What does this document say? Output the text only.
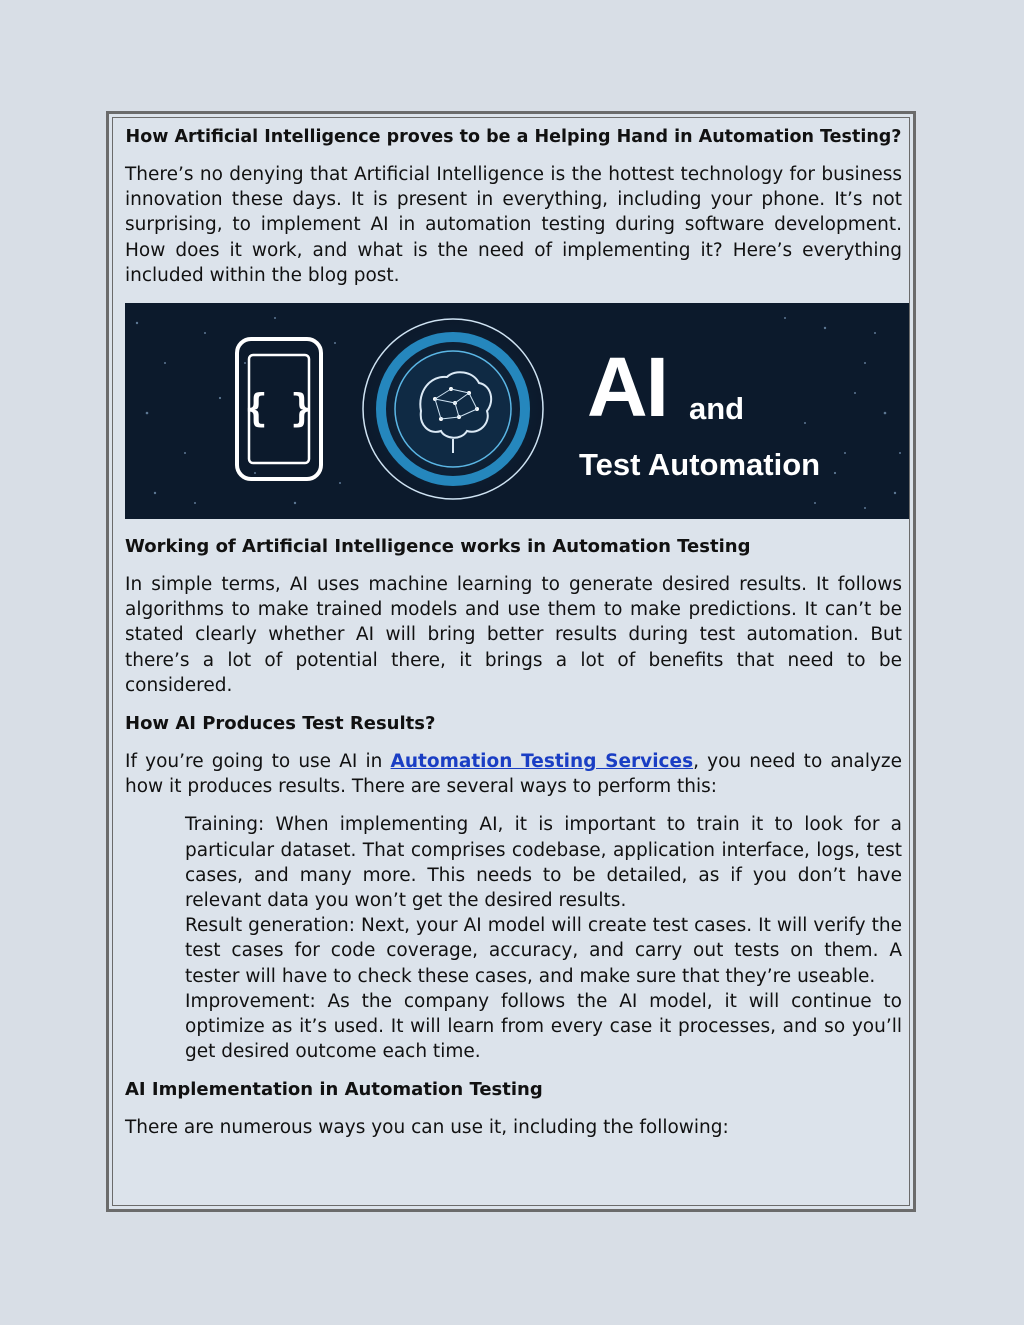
How Artificial Intelligence proves to be a Helping Hand in Automation Testing?

There’s no denying that Artificial Intelligence is the hottest technology for business innovation these days. It is present in everything, including your phone. It’s not surprising, to implement AI in automation testing during software development. How does it work, and what is the need of implementing it? Here’s everything included within the blog post.

{ }	AI and
Test Automation
Working of Artificial Intelligence works in Automation Testing

In simple terms, AI uses machine learning to generate desired results. It follows algorithms to make trained models and use them to make predictions. It can’t be stated clearly whether AI will bring better results during test automation. But there’s a lot of potential there, it brings a lot of benefits that need to be considered.

How AI Produces Test Results?

If you’re going to use AI in Automation Testing Services, you need to analyze how it produces results. There are several ways to perform this:

Training: When implementing AI, it is important to train it to look for a particular dataset. That comprises codebase, application interface, logs, test cases, and many more. This needs to be detailed, as if you don’t have relevant data you won’t get the desired results.
Result generation: Next, your AI model will create test cases. It will verify the test cases for code coverage, accuracy, and carry out tests on them. A tester will have to check these cases, and make sure that they’re useable.
Improvement: As the company follows the AI model, it will continue to optimize as it’s used. It will learn from every case it processes, and so you’ll get desired outcome each time.
AI Implementation in Automation Testing

There are numerous ways you can use it, including the following:
